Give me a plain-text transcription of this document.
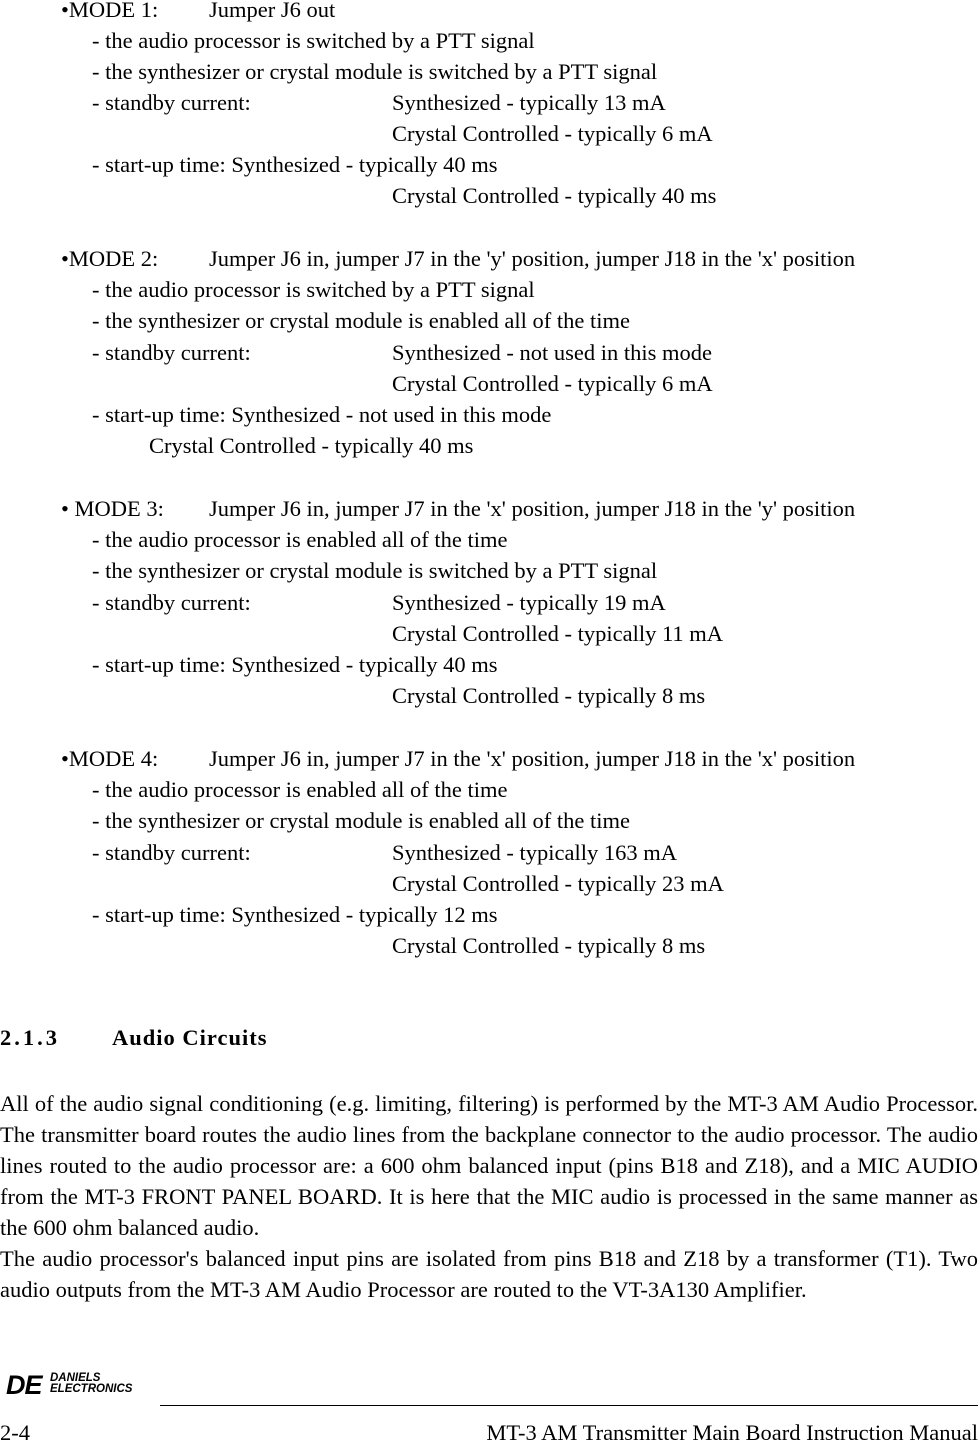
•MODE 1: Jumper J6 out
- the audio processor is switched by a PTT signal
- the synthesizer or crystal module is switched by a PTT signal
- standby current:	Synthesized - typically 13 mA
Crystal Controlled - typically 6 mA
- start-up time: Synthesized - typically 40 ms
Crystal Controlled - typically 40 ms
•MODE 2: Jumper J6 in, jumper J7 in the 'y' position, jumper J18 in the 'x' position
- the audio processor is switched by a PTT signal
- the synthesizer or crystal module is enabled all of the time
- standby current:	Synthesized - not used in this mode
Crystal Controlled - typically 6 mA
- start-up time: Synthesized - not used in this mode
Crystal Controlled - typically 40 ms
• MODE 3: Jumper J6 in, jumper J7 in the 'x' position, jumper J18 in the 'y' position
- the audio processor is enabled all of the time
- the synthesizer or crystal module is switched by a PTT signal
- standby current:	Synthesized - typically 19 mA
Crystal Controlled - typically 11 mA
- start-up time: Synthesized - typically 40 ms
Crystal Controlled - typically 8 ms
•MODE 4: Jumper J6 in, jumper J7 in the 'x' position, jumper J18 in the 'x' position
- the audio processor is enabled all of the time
- the synthesizer or crystal module is enabled all of the time
- standby current:	Synthesized - typically 163 mA
Crystal Controlled - typically 23 mA
- start-up time: Synthesized - typically 12 ms
Crystal Controlled - typically 8 ms
2.1.3 Audio Circuits

All of the audio signal conditioning (e.g. limiting, filtering) is performed by the MT-3 AM Audio Processor. The transmitter board routes the audio lines from the backplane connector to the audio processor. The audio lines routed to the audio processor are: a 600 ohm balanced input (pins B18 and Z18), and a MIC AUDIO from the MT-3 FRONT PANEL BOARD. It is here that the MIC audio is processed in the same manner as the 600 ohm balanced audio.

The audio processor's balanced input pins are isolated from pins B18 and Z18 by a transformer (T1). Two audio outputs from the MT-3 AM Audio Processor are routed to the VT-3A130 Amplifier.

DE DANIELS
ELECTRONICS
2-4	MT-3 AM Transmitter Main Board Instruction Manual
